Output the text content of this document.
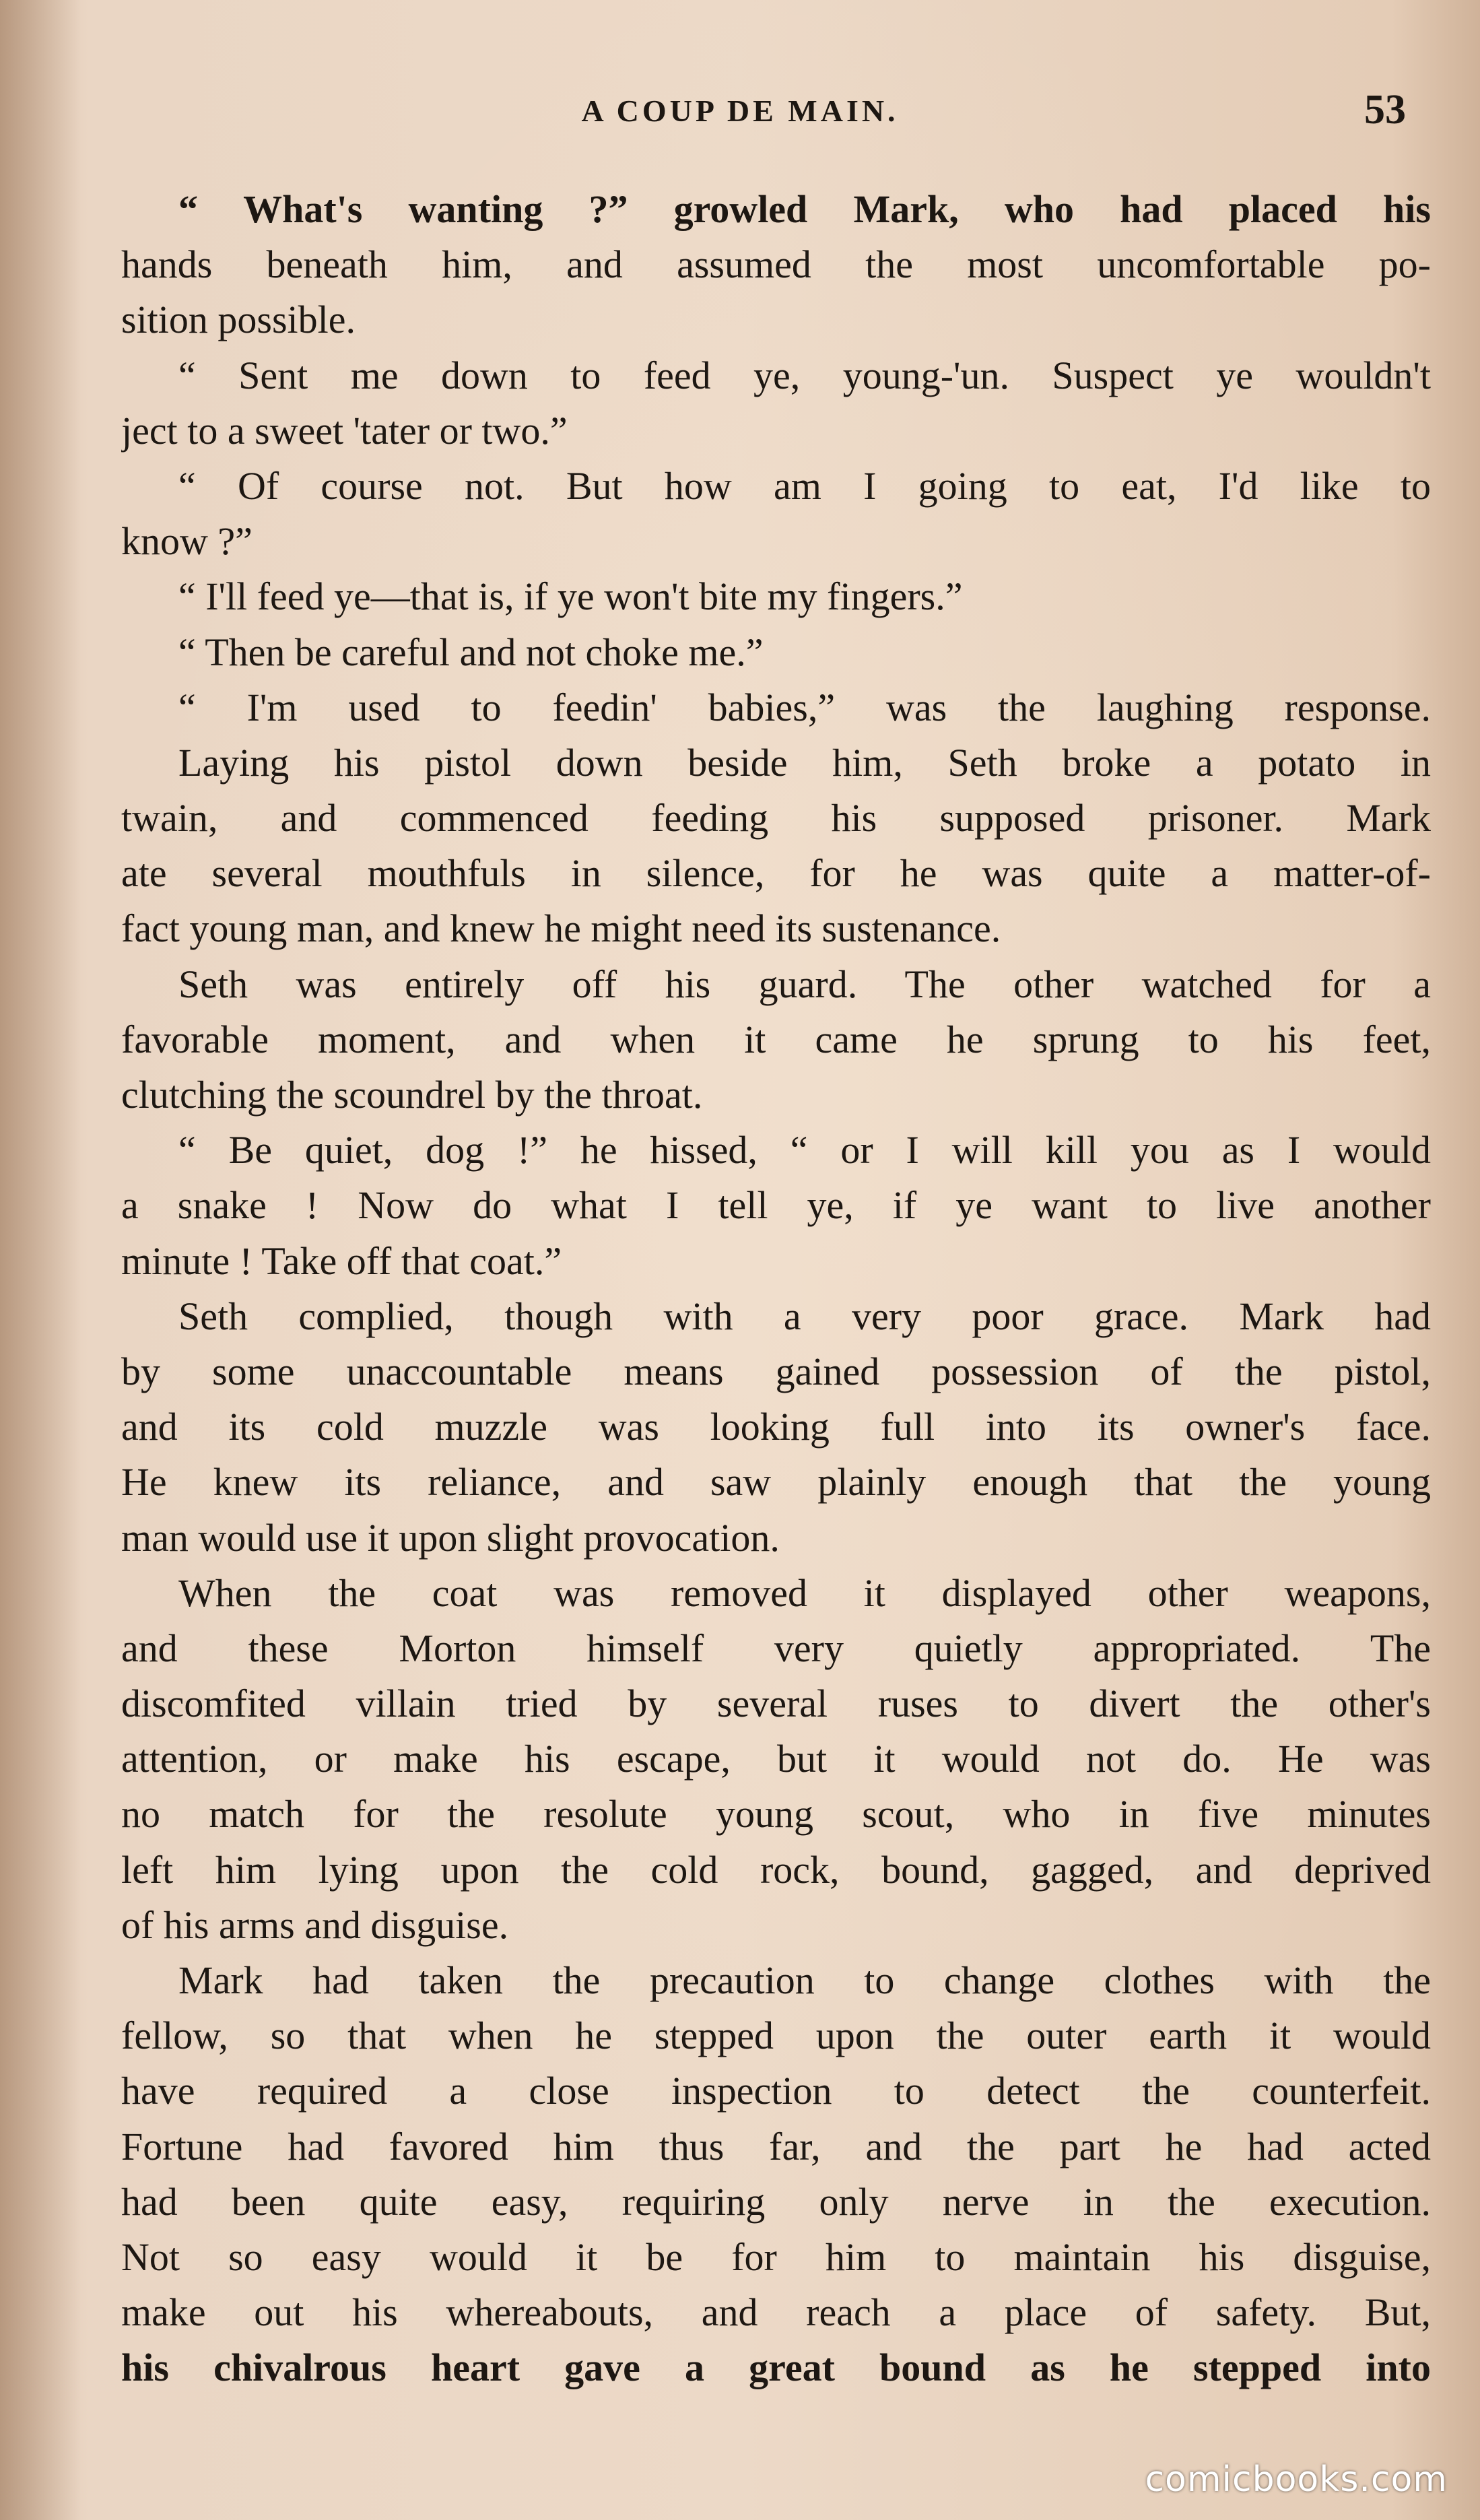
A COUP DE MAIN.	53
“ What's wanting ?” growled Mark, who had placed his
hands beneath him, and assumed the most uncomfortable po-
sition possible.
“ Sent me down to feed ye, young-'un. Suspect ye wouldn't
ject to a sweet 'tater or two.”
“ Of course not. But how am I going to eat, I'd like to
know ?”
“ I'll feed ye—that is, if ye won't bite my fingers.”
“ Then be careful and not choke me.”
“ I'm used to feedin' babies,” was the laughing response.
Laying his pistol down beside him, Seth broke a potato in
twain, and commenced feeding his supposed prisoner. Mark
ate several mouthfuls in silence, for he was quite a matter-of-
fact young man, and knew he might need its sustenance.
Seth was entirely off his guard. The other watched for a
favorable moment, and when it came he sprung to his feet,
clutching the scoundrel by the throat.
“ Be quiet, dog !” he hissed, “ or I will kill you as I would
a snake ! Now do what I tell ye, if ye want to live another
minute ! Take off that coat.”
Seth complied, though with a very poor grace. Mark had
by some unaccountable means gained possession of the pistol,
and its cold muzzle was looking full into its owner's face.
He knew its reliance, and saw plainly enough that the young
man would use it upon slight provocation.
When the coat was removed it displayed other weapons,
and these Morton himself very quietly appropriated. The
discomfited villain tried by several ruses to divert the other's
attention, or make his escape, but it would not do. He was
no match for the resolute young scout, who in five minutes
left him lying upon the cold rock, bound, gagged, and deprived
of his arms and disguise.
Mark had taken the precaution to change clothes with the
fellow, so that when he stepped upon the outer earth it would
have required a close inspection to detect the counterfeit.
Fortune had favored him thus far, and the part he had acted
had been quite easy, requiring only nerve in the execution.
Not so easy would it be for him to maintain his disguise,
make out his whereabouts, and reach a place of safety. But,
his chivalrous heart gave a great bound as he stepped into
comicbooks.com
